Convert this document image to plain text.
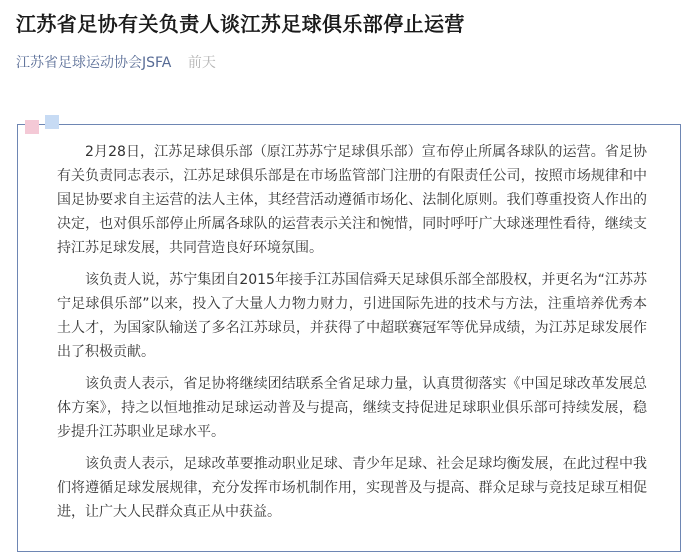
江苏省足协有关负责人谈江苏足球俱乐部停止运营
江苏省足球运动协会JSFA 前天

2月28日，江苏足球俱乐部（原江苏苏宁足球俱乐部）宣布停止所属各球队的运营。省足协有关负责同志表示，江苏足球俱乐部是在市场监管部门注册的有限责任公司，按照市场规律和中国足协要求自主运营的法人主体，其经营活动遵循市场化、法制化原则。我们尊重投资人作出的决定，也对俱乐部停止所属各球队的运营表示关注和惋惜，同时呼吁广大球迷理性看待，继续支持江苏足球发展，共同营造良好环境氛围。

该负责人说，苏宁集团自2015年接手江苏国信舜天足球俱乐部全部股权，并更名为“江苏苏宁足球俱乐部”以来，投入了大量人力物力财力，引进国际先进的技术与方法，注重培养优秀本土人才，为国家队输送了多名江苏球员，并获得了中超联赛冠军等优异成绩，为江苏足球发展作出了积极贡献。

该负责人表示，省足协将继续团结联系全省足球力量，认真贯彻落实《中国足球改革发展总体方案》，持之以恒地推动足球运动普及与提高，继续支持促进足球职业俱乐部可持续发展，稳步提升江苏职业足球水平。

该负责人表示，足球改革要推动职业足球、青少年足球、社会足球均衡发展，在此过程中我们将遵循足球发展规律，充分发挥市场机制作用，实现普及与提高、群众足球与竞技足球互相促进，让广大人民群众真正从中获益。
